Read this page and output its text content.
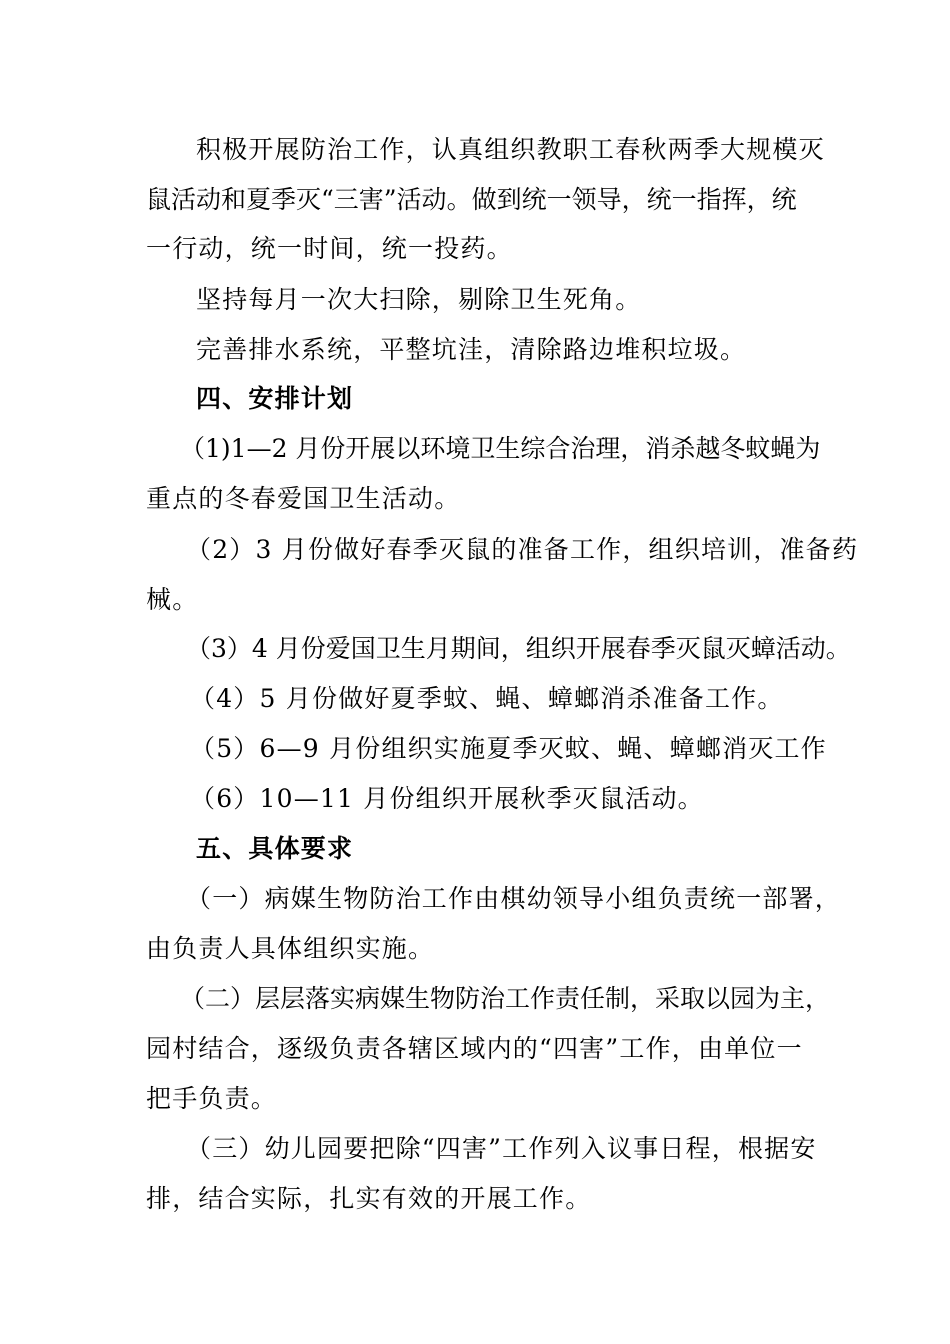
积极开展防治工作，认真组织教职工春秋两季大规模灭
鼠活动和夏季灭“三害”活动。做到统一领导，统一指挥，统
一行动，统一时间，统一投药。
坚持每月一次大扫除，剔除卫生死角。
完善排水系统，平整坑洼，清除路边堆积垃圾。
四、安排计划
（1)1—2 月份开展以环境卫生综合治理，消杀越冬蚊蝇为
重点的冬春爱国卫生活动。
（2）3 月份做好春季灭鼠的准备工作，组织培训，准备药
械。
（3）4 月份爱国卫生月期间，组织开展春季灭鼠灭蟑活动。
（4）5 月份做好夏季蚊、蝇、蟑螂消杀准备工作。
（5）6—9 月份组织实施夏季灭蚊、蝇、蟑螂消灭工作
（6）10—11 月份组织开展秋季灭鼠活动。
五、具体要求
（一）病媒生物防治工作由棋幼领导小组负责统一部署，
由负责人具体组织实施。
（二）层层落实病媒生物防治工作责任制，采取以园为主，
园村结合，逐级负责各辖区域内的“四害”工作，由单位一
把手负责。
（三）幼儿园要把除“四害”工作列入议事日程，根据安
排，结合实际，扎实有效的开展工作。
